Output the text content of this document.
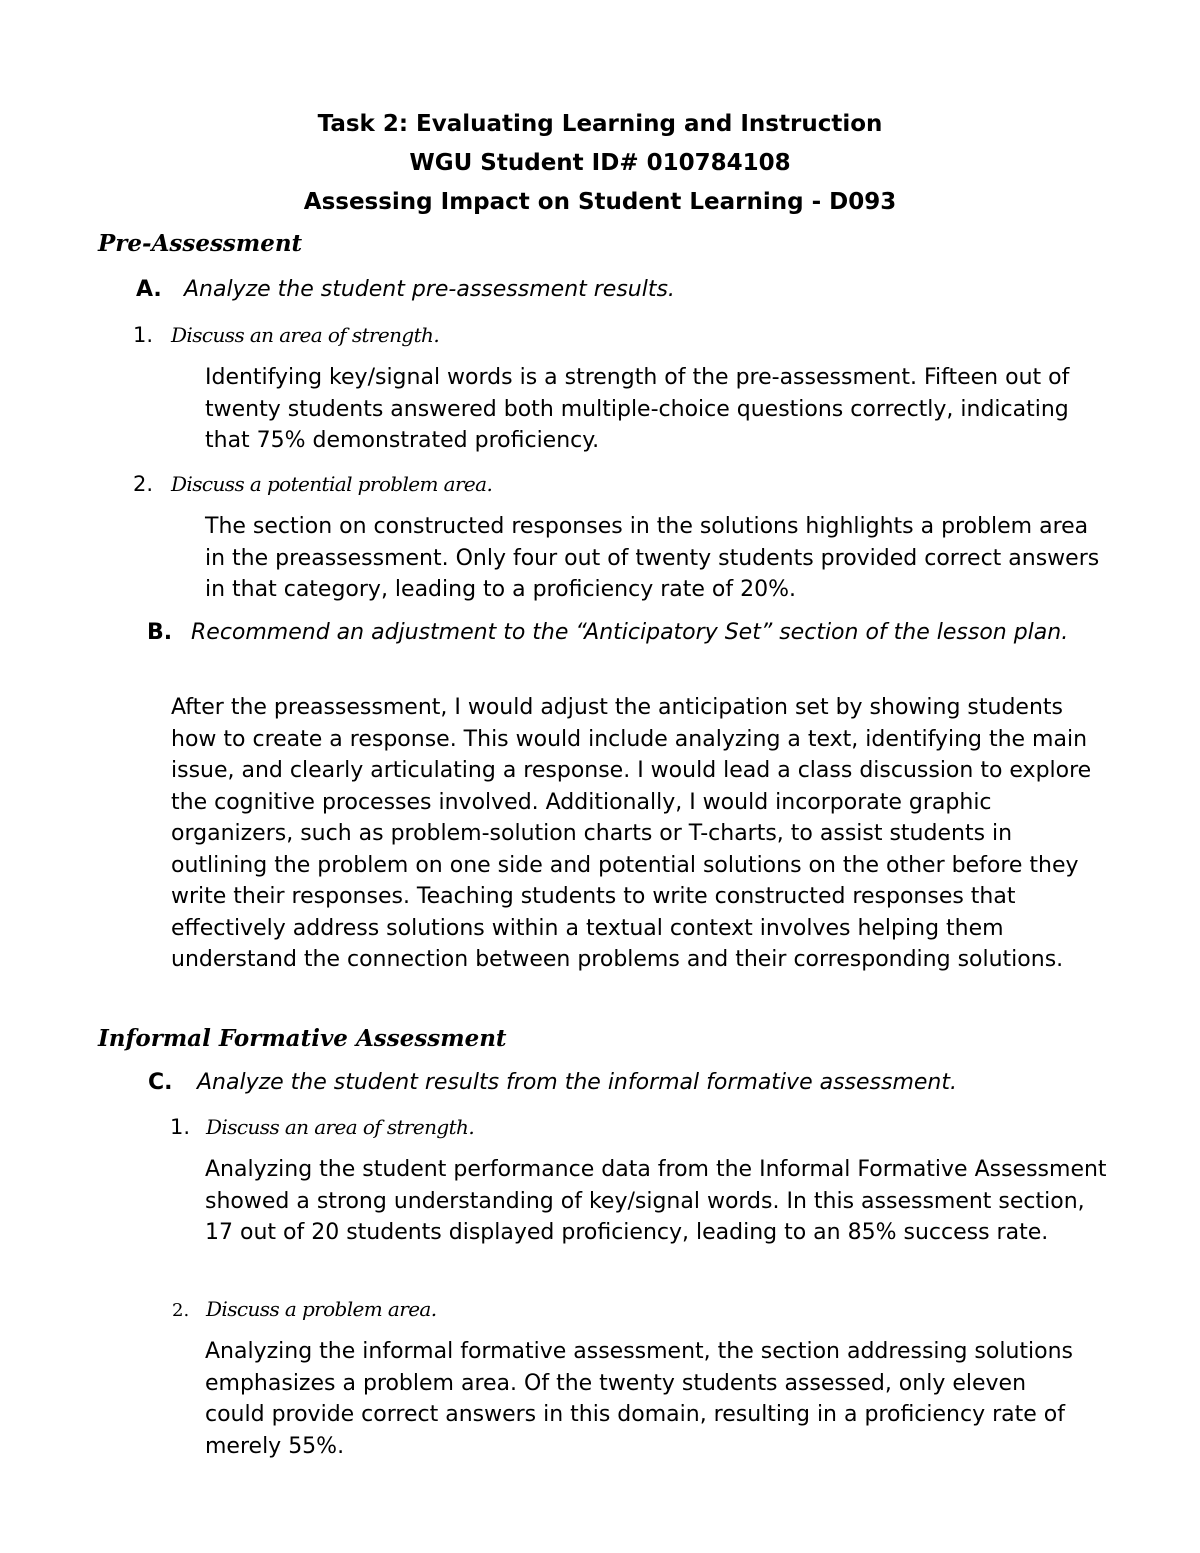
Task 2: Evaluating Learning and Instruction

WGU Student ID# 010784108

Assessing Impact on Student Learning - D093

Pre-Assessment

A. Analyze the student pre-assessment results.

1. Discuss an area of strength.

Identifying key/signal words is a strength of the pre-assessment. Fifteen out of twenty students answered both multiple-choice questions correctly, indicating that 75% demonstrated proficiency.

2. Discuss a potential problem area.

The section on constructed responses in the solutions highlights a problem area in the preassessment. Only four out of twenty students provided correct answers in that category, leading to a proficiency rate of 20%.

B. Recommend an adjustment to the “Anticipatory Set” section of the lesson plan.

After the preassessment, I would adjust the anticipation set by showing students how to create a response. This would include analyzing a text, identifying the main issue, and clearly articulating a response. I would lead a class discussion to explore the cognitive processes involved. Additionally, I would incorporate graphic organizers, such as problem-solution charts or T-charts, to assist students in outlining the problem on one side and potential solutions on the other before they write their responses. Teaching students to write constructed responses that effectively address solutions within a textual context involves helping them understand the connection between problems and their corresponding solutions.

Informal Formative Assessment

C. Analyze the student results from the informal formative assessment.

1. Discuss an area of strength.

Analyzing the student performance data from the Informal Formative Assessment showed a strong understanding of key/signal words. In this assessment section, 17 out of 20 students displayed proficiency, leading to an 85% success rate.

2. Discuss a problem area.

Analyzing the informal formative assessment, the section addressing solutions emphasizes a problem area. Of the twenty students assessed, only eleven could provide correct answers in this domain, resulting in a proficiency rate of merely 55%.
